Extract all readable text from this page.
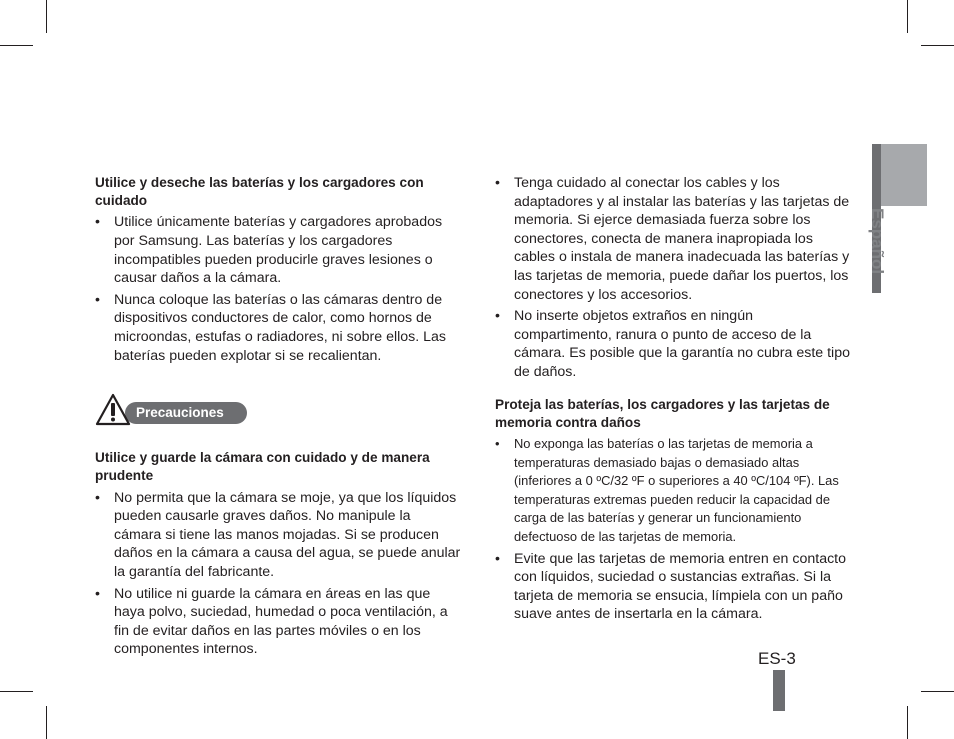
Utilice y deseche las baterías y los cargadores con cuidado

• Utilice únicamente baterías y cargadores aprobados por Samsung. Las baterías y los cargadores incompatibles pueden producirle graves lesiones o causar daños a la cámara.
• Nunca coloque las baterías o las cámaras dentro de dispositivos conductores de calor, como hornos de microondas, estufas o radiadores, ni sobre ellos. Las baterías pueden explotar si se recalientan.
Precauciones

Utilice y guarde la cámara con cuidado y de manera prudente

• No permita que la cámara se moje, ya que los líquidos pueden causarle graves daños. No manipule la cámara si tiene las manos mojadas. Si se producen daños en la cámara a causa del agua, se puede anular la garantía del fabricante.
• No utilice ni guarde la cámara en áreas en las que haya polvo, suciedad, humedad o poca ventilación, a fin de evitar daños en las partes móviles o en los componentes internos.
• Tenga cuidado al conectar los cables y los adaptadores y al instalar las baterías y las tarjetas de memoria. Si ejerce demasiada fuerza sobre los conectores, conecta de manera inapropiada los cables o instala de manera inadecuada las baterías y las tarjetas de memoria, puede dañar los puertos, los conectores y los accesorios.
• No inserte objetos extraños en ningún compartimento, ranura o punto de acceso de la cámara. Es posible que la garantía no cubra este tipo de daños.

Proteja las baterías, los cargadores y las tarjetas de memoria contra daños

• No exponga las baterías o las tarjetas de memoria a temperaturas demasiado bajas o demasiado altas (inferiores a 0 ºC/32 ºF o superiores a 40 ºC/104 ºF). Las temperaturas extremas pueden reducir la capacidad de carga de las baterías y generar un funcionamiento defectuoso de las tarjetas de memoria.
• Evite que las tarjetas de memoria entren en contacto con líquidos, suciedad o sustancias extrañas. Si la tarjeta de memoria se ensucia, límpiela con un paño suave antes de insertarla en la cámara.
Español
ES-3
